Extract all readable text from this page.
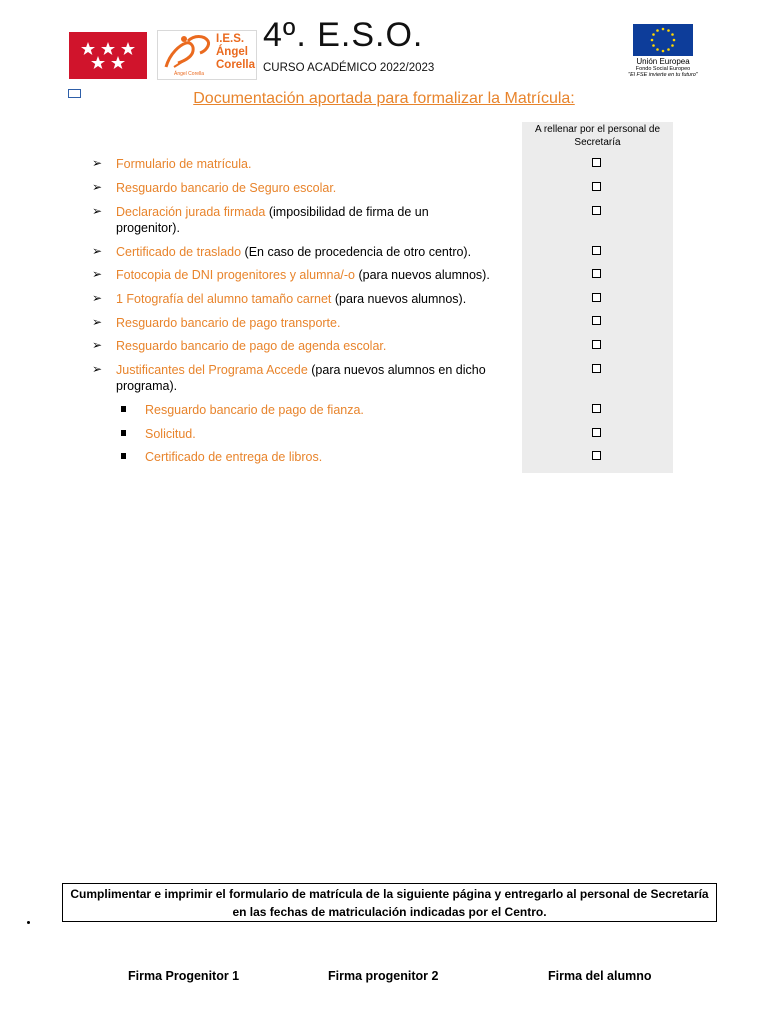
I.E.S.
Ángel
Corella
Ángel Corella
4º. E.S.O.
CURSO ACADÉMICO 2022/2023
Unión Europea
Fondo Social Europeo
"El FSE invierte en tu futuro"
Documentación aportada para formalizar la Matrícula:
A rellenar por el personal de Secretaría
➢ Formulario de matrícula.
➢ Resguardo bancario de Seguro escolar.
➢ Declaración jurada firmada (imposibilidad de firma de un progenitor).
➢ Certificado de traslado (En caso de procedencia de otro centro).
➢ Fotocopia de DNI progenitores y alumna/-o (para nuevos alumnos).
➢ 1 Fotografía del alumno tamaño carnet (para nuevos alumnos).
➢ Resguardo bancario de pago transporte.
➢ Resguardo bancario de pago de agenda escolar.
➢ Justificantes del Programa Accede (para nuevos alumnos en dicho programa).
Resguardo bancario de pago de fianza.
Solicitud.
Certificado de entrega de libros.
Cumplimentar e imprimir el formulario de matrícula de la siguiente página y entregarlo al personal de Secretaría en las fechas de matriculación indicadas por el Centro.
Firma Progenitor 1	Firma progenitor 2	Firma del alumno
